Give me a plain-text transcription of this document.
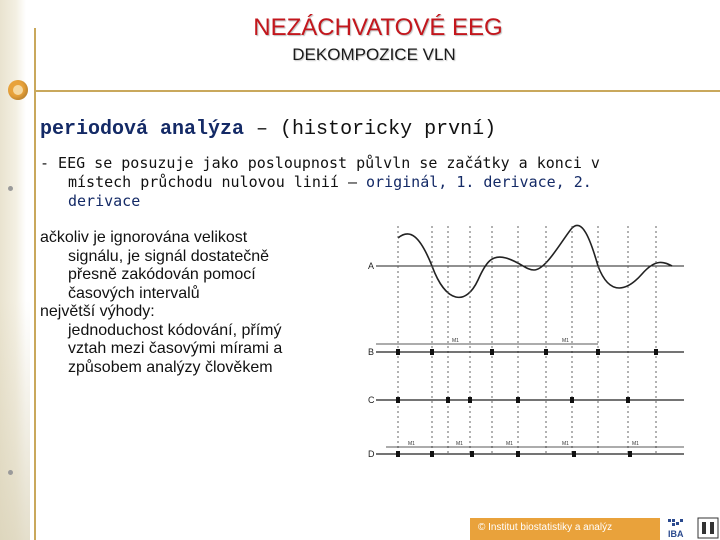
NEZÁCHVATOVÉ EEG
DEKOMPOZICE VLN
periodová analýza – (historicky první)
- EEG se posuzuje jako posloupnost půlvln se začátky a konci v
místech průchodu nulovou linií – originál, 1. derivace, 2.
derivace
ačkoliv je ignorována velikost
signálu, je signál dostatečně
přesně zakódován pomocí
časových intervalů
největší výhody:
jednoduchost kódování, přímý
vztah mezi časovými mírami a
způsobem analýzy člověkem
A
B
C
D
M1	M1
M1	M1	M1	M1	M1
© Institut biostatistiky a analýz
IBA
